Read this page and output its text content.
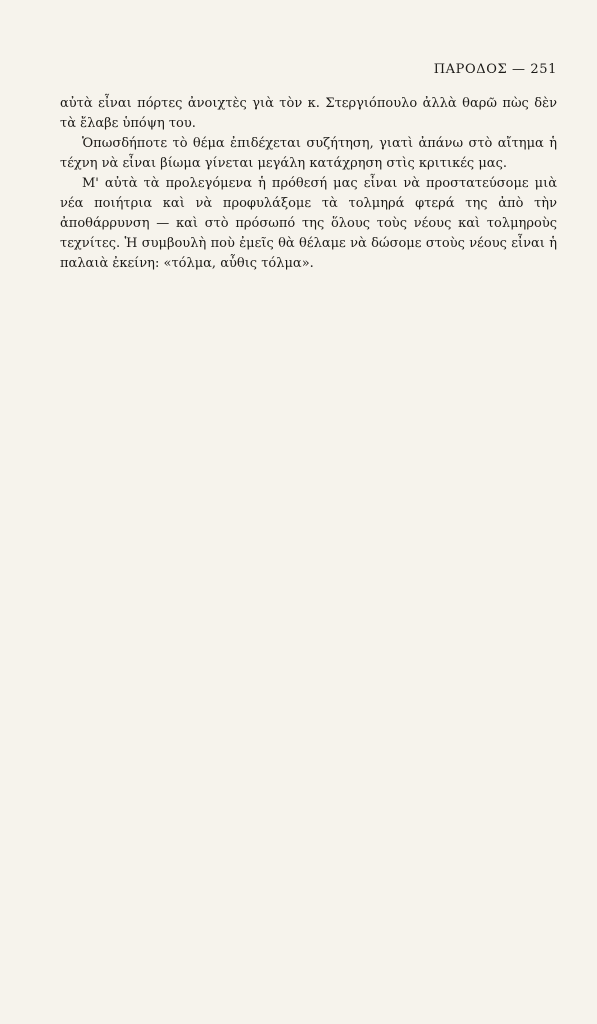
ΠΑΡΟΔΟΣ — 251

αὐτὰ εἶναι πόρτες ἀνοιχτὲς γιὰ τὸν κ. Στεργιόπουλο ἀλλὰ θαρῶ πὼς δὲν τὰ ἔλαβε ὑπόψη του.

Ὁπωσδήποτε τὸ θέμα ἐπιδέχεται συζήτηση, γιατὶ ἀπάνω στὸ αἴτημα ἡ τέχνη νὰ εἶναι βίωμα γίνεται μεγάλη κατάχρηση στὶς κριτικές μας.

Μ' αὐτὰ τὰ προλεγόμενα ἡ πρόθεσή μας εἶναι νὰ προστατεύσομε μιὰ νέα ποιήτρια καὶ νὰ προφυλάξομε τὰ τολμηρά φτερά της ἀπὸ τὴν ἀποθάρρυνση — καὶ στὸ πρόσωπό της ὅλους τοὺς νέους καὶ τολμηροὺς τεχνίτες. Ἡ συμβουλὴ ποὺ ἐμεῖς θὰ θέλαμε νὰ δώσομε στοὺς νέους εἶναι ἡ παλαιὰ ἐκείνη: «τόλμα, αὖθις τόλμα».
